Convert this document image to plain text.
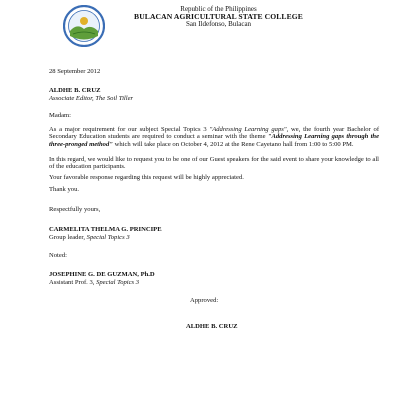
Republic of the Philippines
BULACAN AGRICULTURAL STATE COLLEGE
San Ildefonso, Bulacan
28 September 2012
ALDHE B. CRUZ
Associate Editor, The Soil Tiller
Madam:
As a major requirement for our subject Special Topics 3 "Addressing Learning gaps", we, the fourth year Bachelor of Secondary Education students are required to conduct a seminar with the theme "Addressing Learning gaps through the three-pronged method" which will take place on October 4, 2012 at the Rene Cayetano hall from 1:00 to 5:00 PM.
In this regard, we would like to request you to be one of our Guest speakers for the said event to share your knowledge to all of the education participants.
Your favorable response regarding this request will be highly appreciated.
Thank you.
Respectfully yours,
CARMELITA THELMA G. PRINCIPE
Group leader, Special Topics 3
Noted:
JOSEPHINE G. DE GUZMAN, Ph.D
Assistant Prof. 3, Special Topics 3
Approved:
ALDHE B. CRUZ
